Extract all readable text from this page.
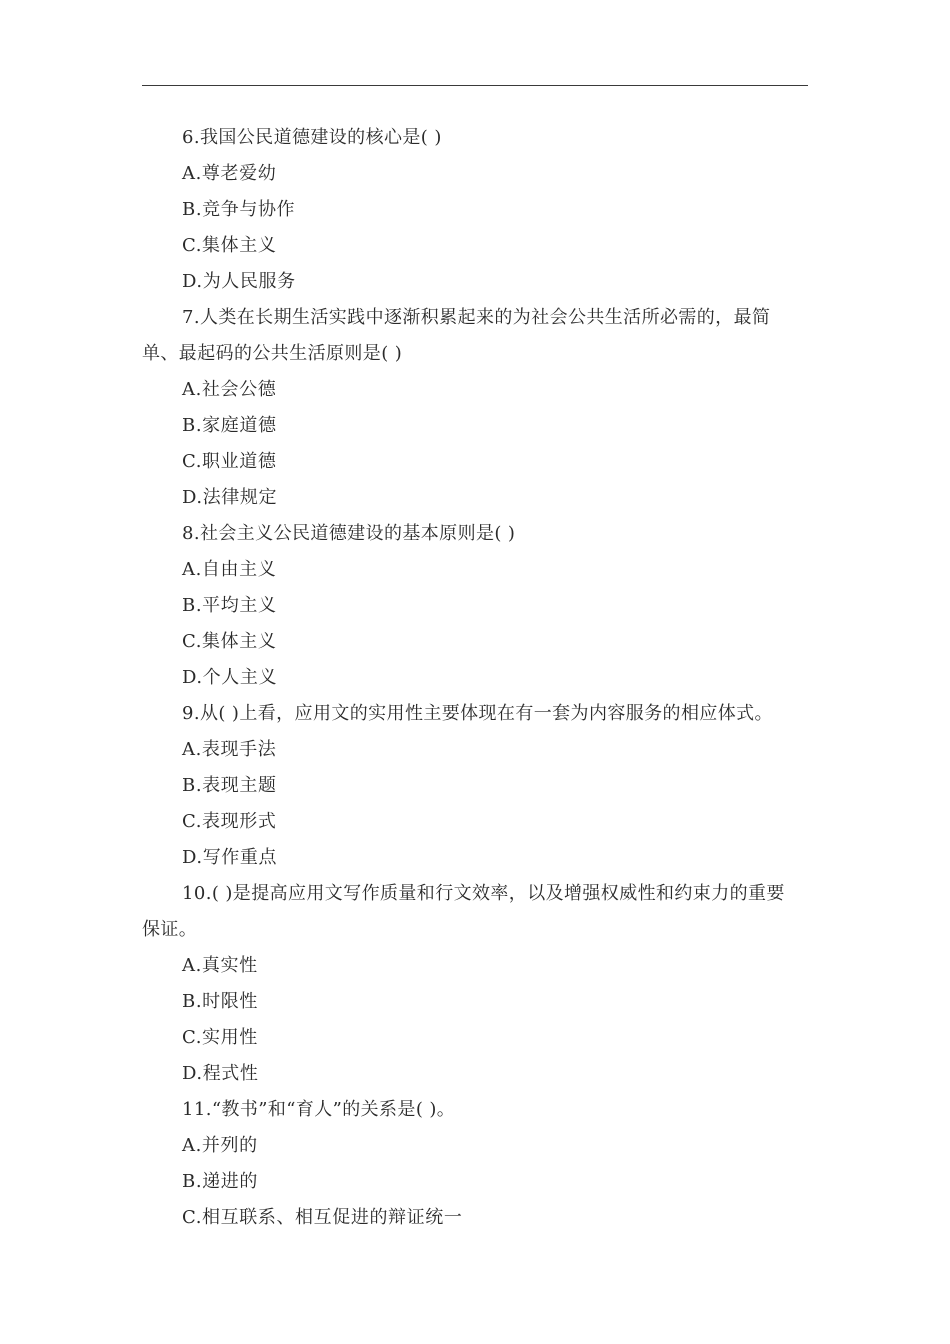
6.我国公民道德建设的核心是( )

A.尊老爱幼

B.竞争与协作

C.集体主义

D.为人民服务

7.人类在长期生活实践中逐渐积累起来的为社会公共生活所必需的，最简单、最起码的公共生活原则是( )

A.社会公德

B.家庭道德

C.职业道德

D.法律规定

8.社会主义公民道德建设的基本原则是( )

A.自由主义

B.平均主义

C.集体主义

D.个人主义

9.从( )上看，应用文的实用性主要体现在有一套为内容服务的相应体式。

A.表现手法

B.表现主题

C.表现形式

D.写作重点

10.( )是提高应用文写作质量和行文效率，以及增强权威性和约束力的重要保证。

A.真实性

B.时限性

C.实用性

D.程式性

11.“教书”和“育人”的关系是( )。

A.并列的

B.递进的

C.相互联系、相互促进的辩证统一
